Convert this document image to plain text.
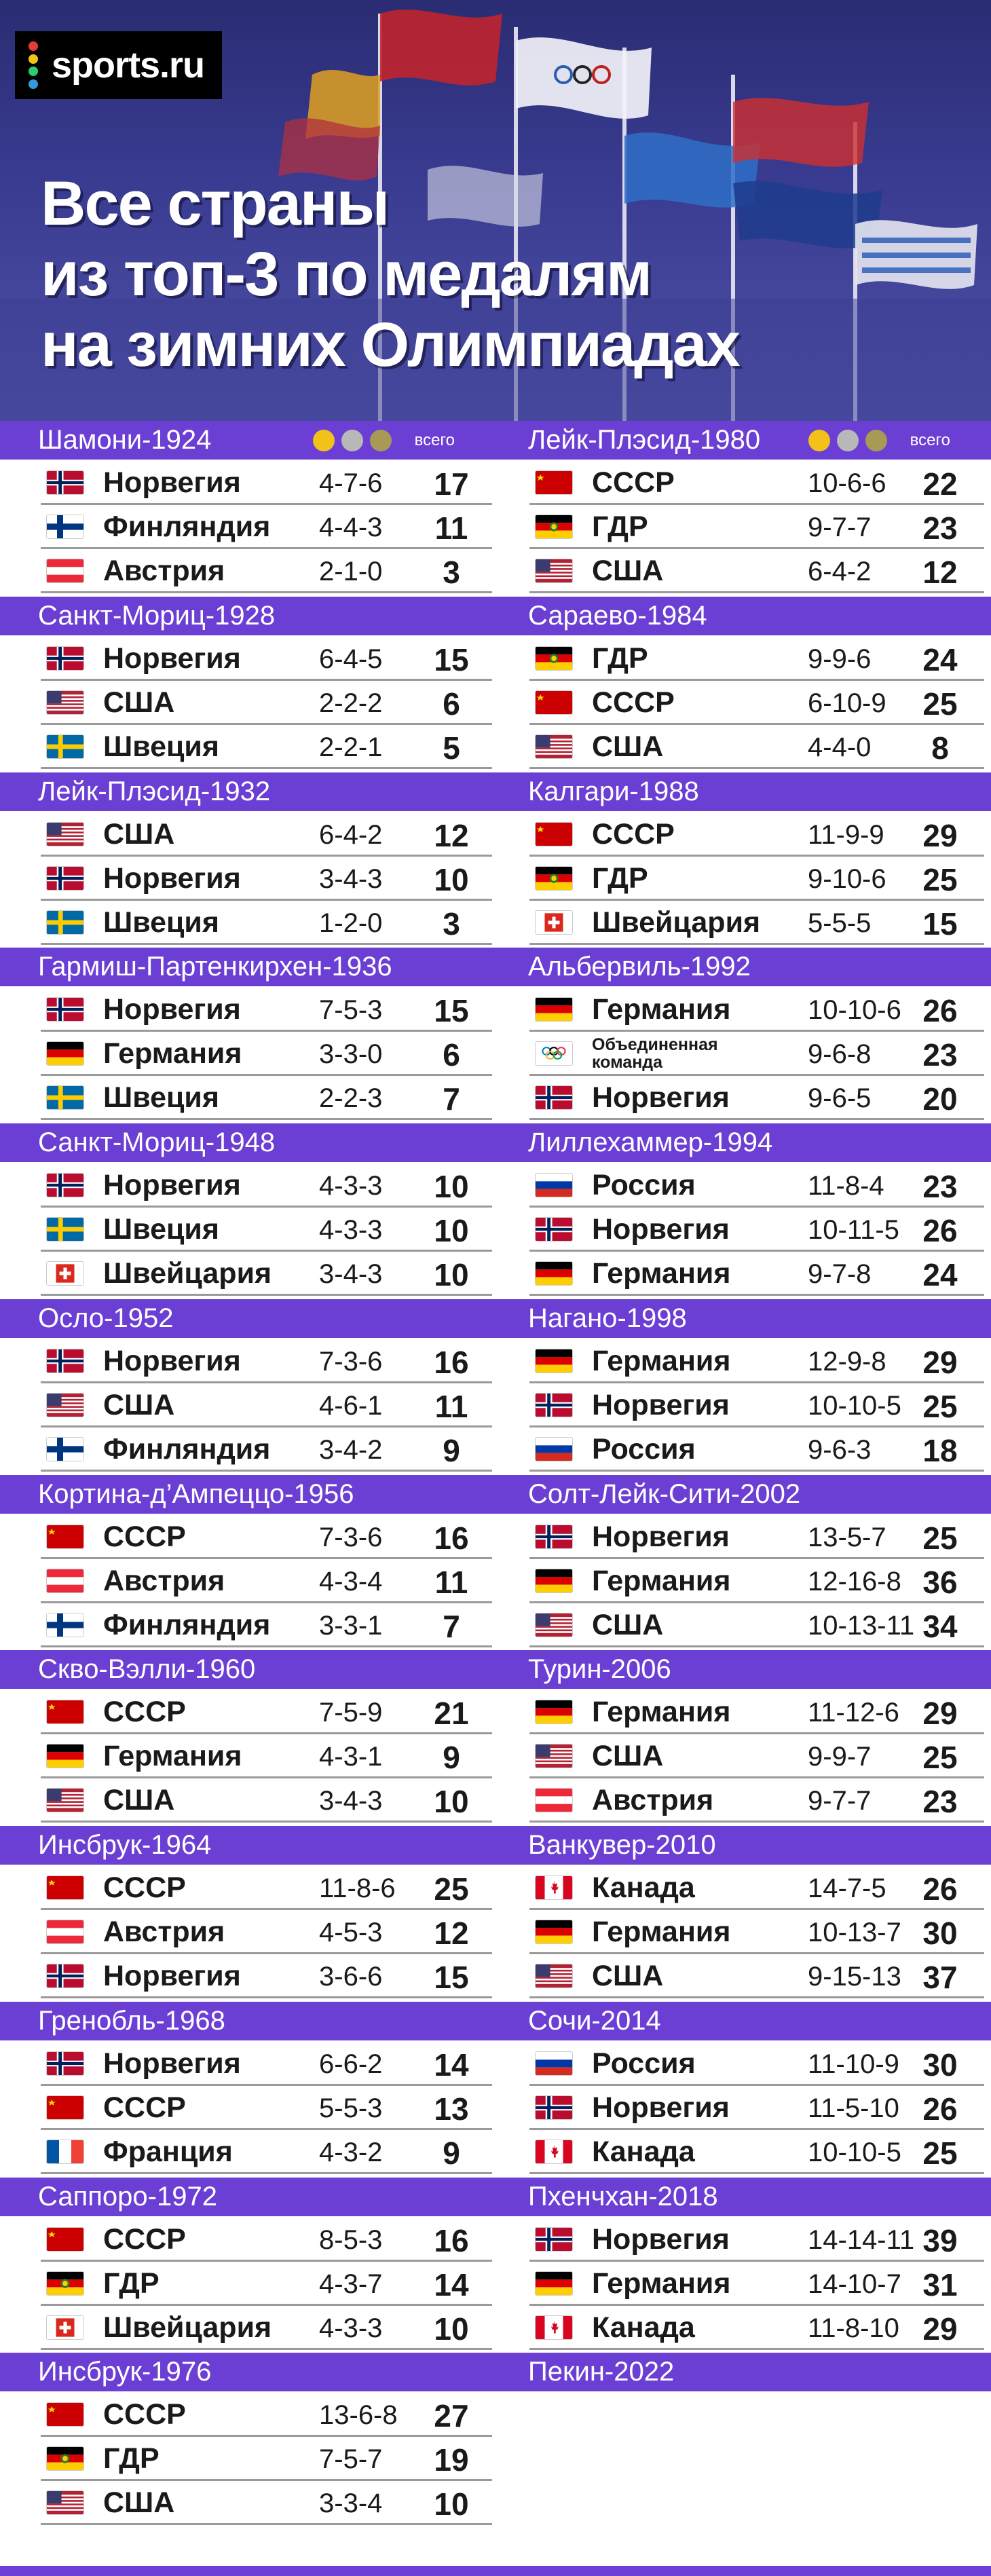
sports.ru
Все страны
из топ-3 по медалям
на зимних Олимпиадах
Шамони-1924	всего
Норвегия	4-7-6	17
Финляндия 4-4-3	11
Австрия	2-1-0	3
Санкт-Мориц-1928
Норвегия	6-4-5	15
США	2-2-2	6
Швеция	2-2-1	5
Лейк-Плэсид-1932
США	6-4-2	12
Норвегия	3-4-3	10
Швеция	1-2-0	3
Гармиш-Партенкирхен-1936
Норвегия	7-5-3	15
Германия	3-3-0	6
Швеция	2-2-3	7
Санкт-Мориц-1948
Норвегия	4-3-3	10
Швеция	4-3-3	10
Швейцария 3-4-3	10
Осло-1952
Норвегия	7-3-6	16
США	4-6-1	11
Финляндия 3-4-2	9
Кортина-д’Ампеццо-1956
СССР	7-3-6	16
Австрия	4-3-4	11
Финляндия 3-3-1	7
Скво-Вэлли-1960
СССР	7-5-9	21
Германия	4-3-1	9
США	3-4-3	10
Инсбрук-1964
СССР	11-8-6	25
Австрия	4-5-3	12
Норвегия	3-6-6	15
Гренобль-1968
Норвегия	6-6-2	14
СССР	5-5-3	13
Франция	4-3-2	9
Саппоро-1972
СССР	8-5-3	16
ГДР	4-3-7	14
Швейцария 4-3-3	10
Инсбрук-1976
СССР	13-6-8	27
ГДР	7-5-7	19
США	3-3-4	10
Лейк-Плэсид-1980	всего
СССР	10-6-6	22
ГДР	9-7-7	23
США	6-4-2	12
Сараево-1984
ГДР	9-9-6	24
СССР	6-10-9	25
США	4-4-0	8
Калгари-1988
СССР	11-9-9	29
ГДР	9-10-6	25
Швейцария 5-5-5	15
Альбервиль-1992
Германия	10-10-6 26
Объединенная команда	9-6-8	23
Норвегия	9-6-5	20
Лиллехаммер-1994
Россия	11-8-4	23
Норвегия	10-11-5 26
Германия	9-7-8	24
Нагано-1998
Германия	12-9-8	29
Норвегия	10-10-5 25
Россия	9-6-3	18
Солт-Лейк-Сити-2002
Норвегия	13-5-7	25
Германия	12-16-8 36
США	10-13-11 34
Турин-2006
Германия	11-12-6 29
США	9-9-7	25
Австрия	9-7-7	23
Ванкувер-2010
Канада	14-7-5	26
Германия	10-13-7 30
США	9-15-13 37
Сочи-2014
Россия	11-10-9 30
Норвегия	11-5-10 26
Канада	10-10-5 25
Пхенчхан-2018
Норвегия	14-14-11 39
Германия	14-10-7 31
Канада	11-8-10 29
Пекин-2022
